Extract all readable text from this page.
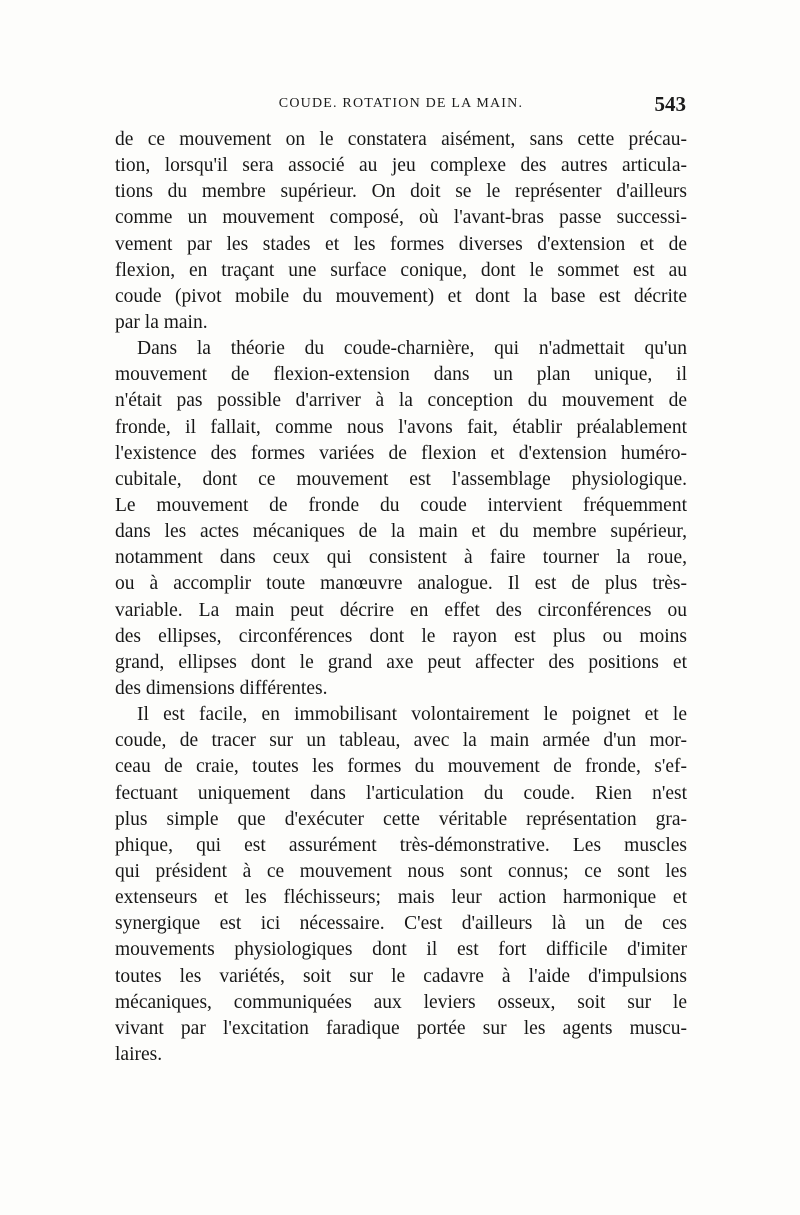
COUDE. ROTATION DE LA MAIN.	543

de ce mouvement on le constatera aisément, sans cette précau-
tion, lorsqu'il sera associé au jeu complexe des autres articula-
tions du membre supérieur. On doit se le représenter d'ailleurs
comme un mouvement composé, où l'avant-bras passe successi-
vement par les stades et les formes diverses d'extension et de
flexion, en traçant une surface conique, dont le sommet est au
coude (pivot mobile du mouvement) et dont la base est décrite
par la main.

Dans la théorie du coude-charnière, qui n'admettait qu'un
mouvement de flexion-extension dans un plan unique, il
n'était pas possible d'arriver à la conception du mouvement de
fronde, il fallait, comme nous l'avons fait, établir préalablement
l'existence des formes variées de flexion et d'extension huméro-
cubitale, dont ce mouvement est l'assemblage physiologique.
Le mouvement de fronde du coude intervient fréquemment
dans les actes mécaniques de la main et du membre supérieur,
notamment dans ceux qui consistent à faire tourner la roue,
ou à accomplir toute manœuvre analogue. Il est de plus très-
variable. La main peut décrire en effet des circonférences ou
des ellipses, circonférences dont le rayon est plus ou moins
grand, ellipses dont le grand axe peut affecter des positions et
des dimensions différentes.

Il est facile, en immobilisant volontairement le poignet et le
coude, de tracer sur un tableau, avec la main armée d'un mor-
ceau de craie, toutes les formes du mouvement de fronde, s'ef-
fectuant uniquement dans l'articulation du coude. Rien n'est
plus simple que d'exécuter cette véritable représentation gra-
phique, qui est assurément très-démonstrative. Les muscles
qui président à ce mouvement nous sont connus; ce sont les
extenseurs et les fléchisseurs; mais leur action harmonique et
synergique est ici nécessaire. C'est d'ailleurs là un de ces
mouvements physiologiques dont il est fort difficile d'imiter
toutes les variétés, soit sur le cadavre à l'aide d'impulsions
mécaniques, communiquées aux leviers osseux, soit sur le
vivant par l'excitation faradique portée sur les agents muscu-
laires.
